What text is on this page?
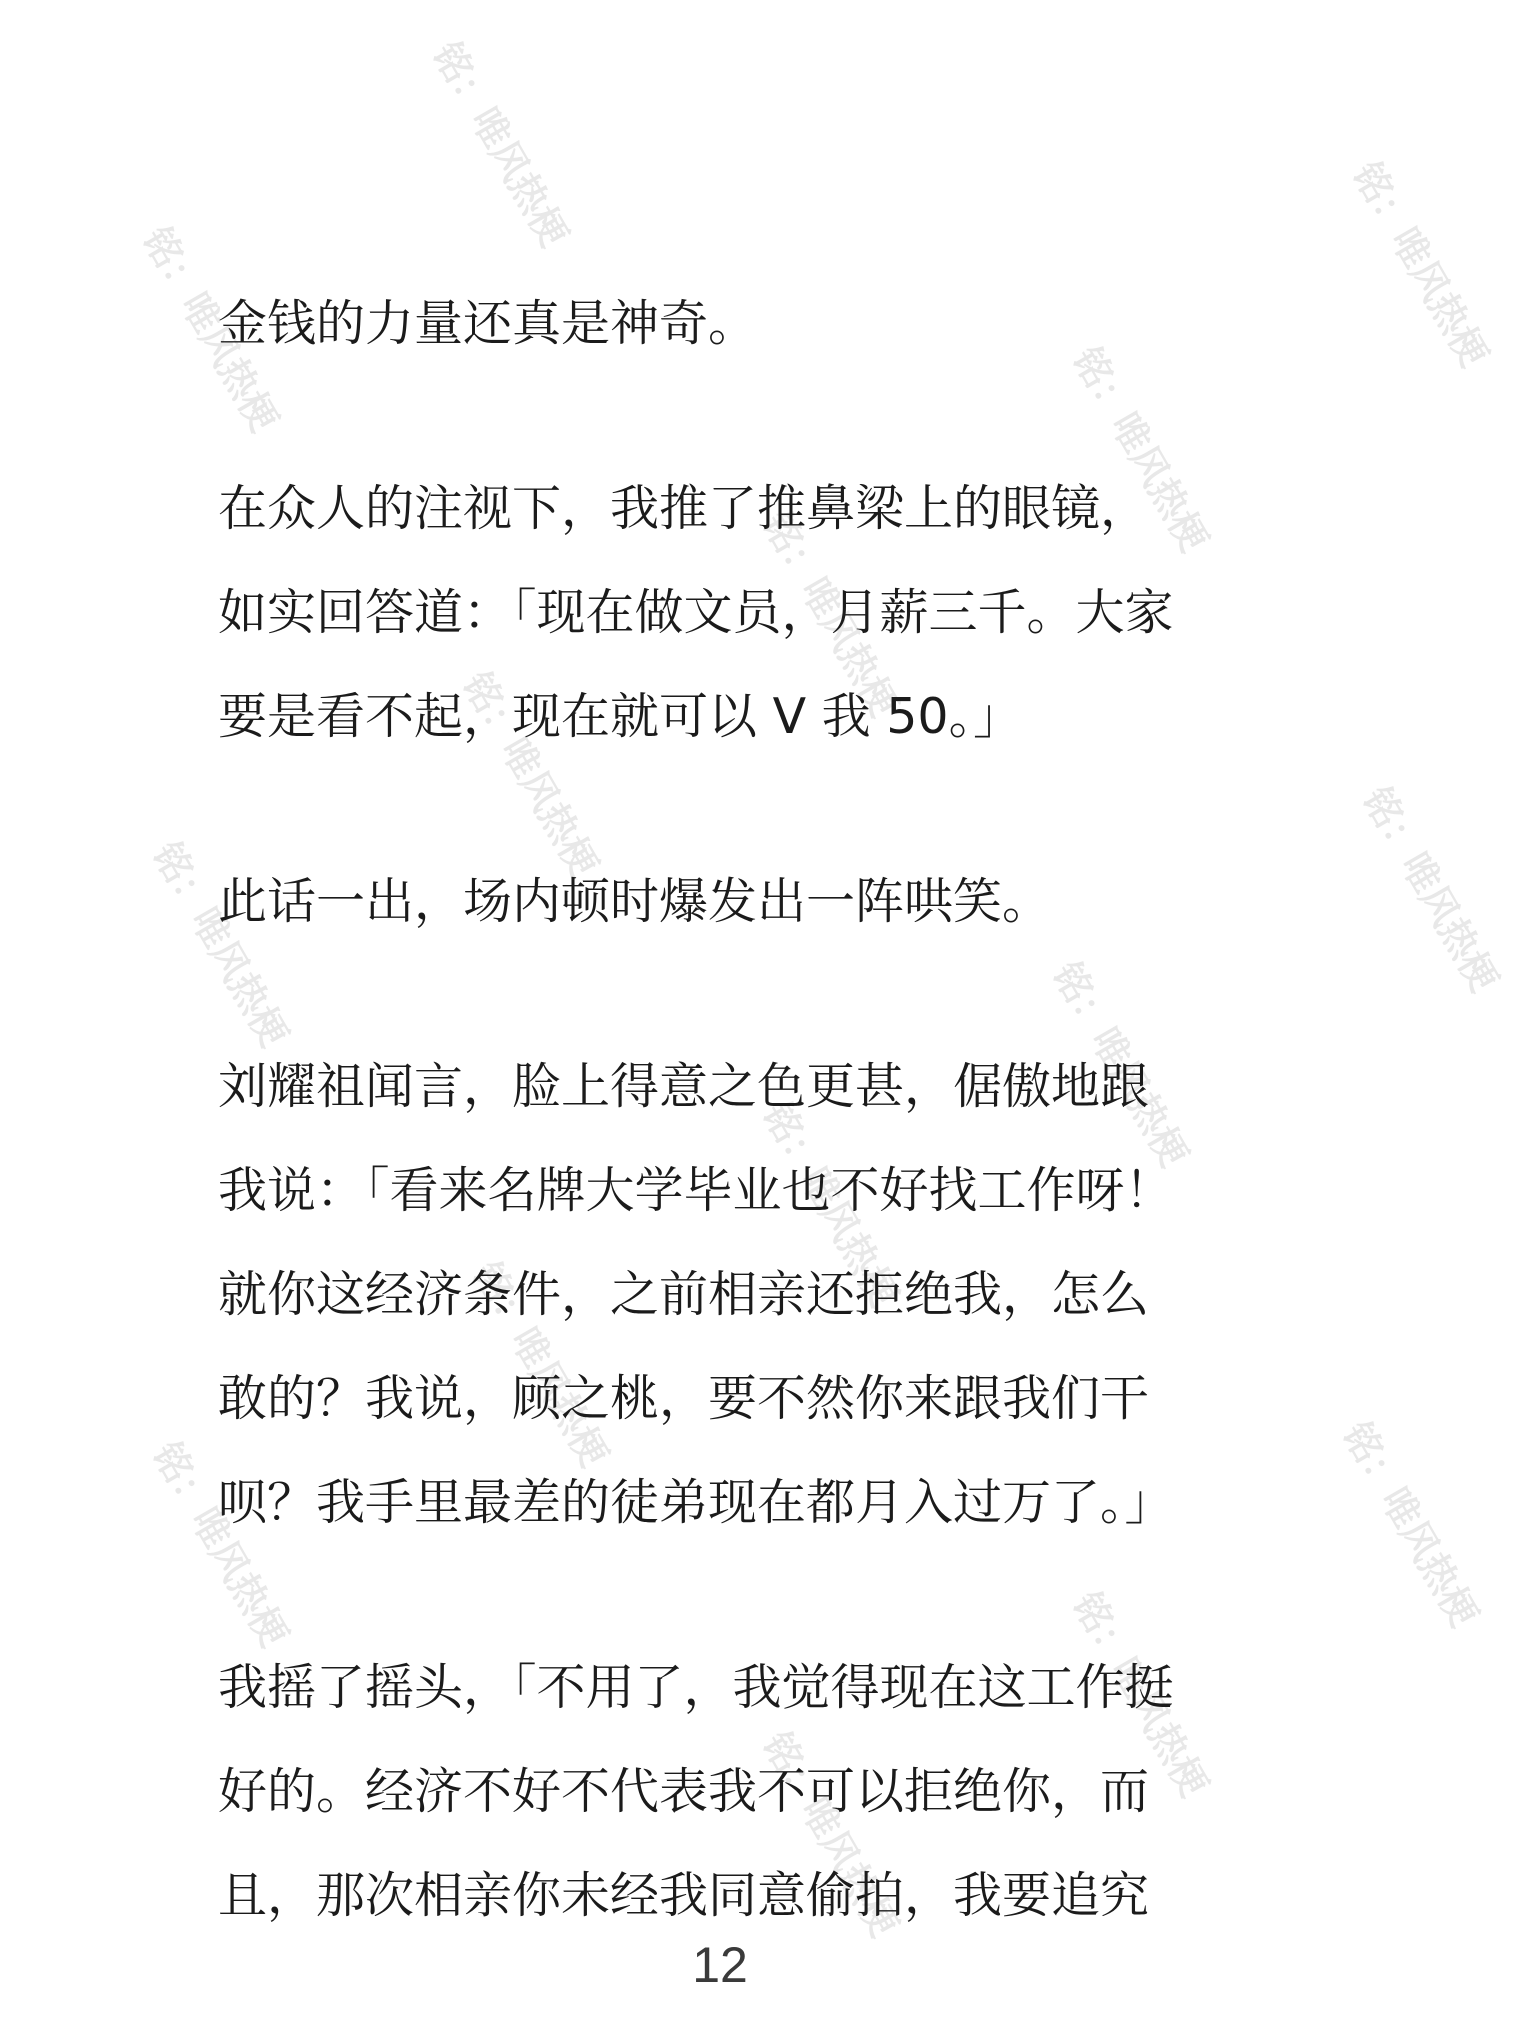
铭：唯风热梗
铭：唯风热梗	铭：唯风热梗
铭：唯风热梗
铭：唯风热梗
铭：唯风热梗
铭：唯风热梗	铭：唯风热梗
铭：唯风热梗
铭：唯风热梗
铭：唯风热梗
铭：唯风热梗	铭：唯风热梗
铭：唯风热梗
铭：唯风热梗

金钱的力量还真是神奇。

在众人的注视下，我推了推鼻梁上的眼镜，
如实回答道：「现在做文员，月薪三千。大家
要是看不起，现在就可以 V 我 50。」

此话一出，场内顿时爆发出一阵哄笑。

刘耀祖闻言，脸上得意之色更甚，倨傲地跟
我说：「看来名牌大学毕业也不好找工作呀！
就你这经济条件，之前相亲还拒绝我，怎么
敢的？我说，顾之桃，要不然你来跟我们干
呗？我手里最差的徒弟现在都月入过万了。」

我摇了摇头，「不用了，我觉得现在这工作挺
好的。经济不好不代表我不可以拒绝你，而
且，那次相亲你未经我同意偷拍，我要追究

12
